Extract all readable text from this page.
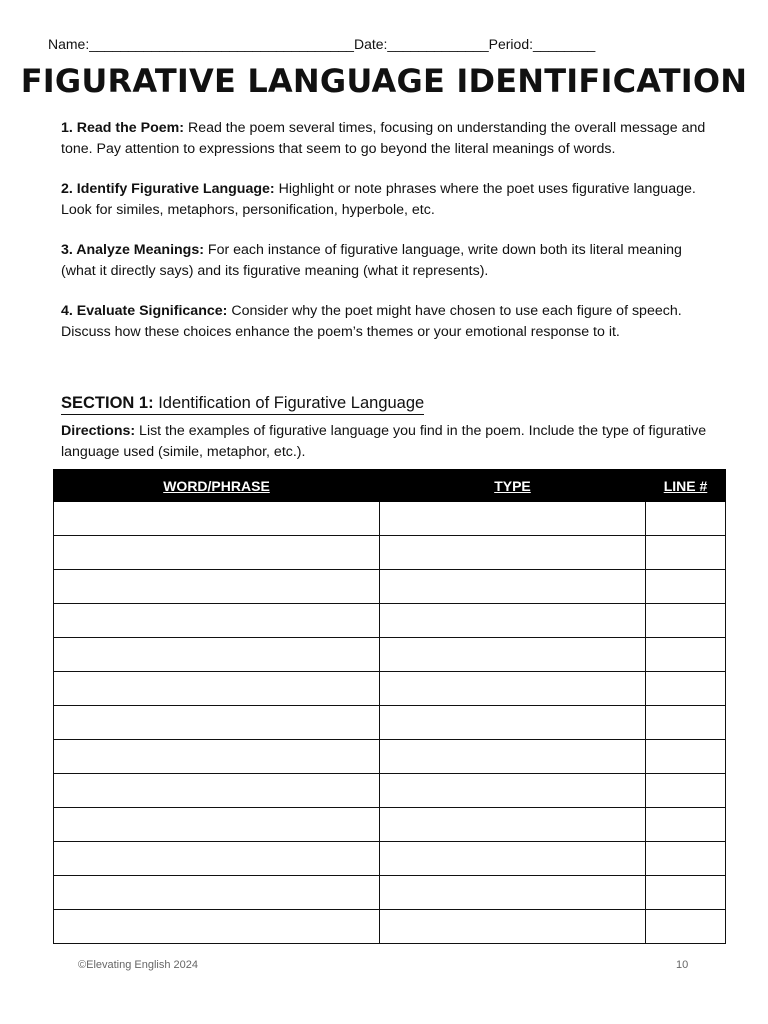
Name:__________________________________Date:_____________Period:________
FIGURATIVE LANGUAGE IDENTIFICATION

1. Read the Poem: Read the poem several times, focusing on understanding the overall message and tone. Pay attention to expressions that seem to go beyond the literal meanings of words.

2. Identify Figurative Language: Highlight or note phrases where the poet uses figurative language. Look for similes, metaphors, personification, hyperbole, etc.

3. Analyze Meanings: For each instance of figurative language, write down both its literal meaning (what it directly says) and its figurative meaning (what it represents).

4. Evaluate Significance: Consider why the poet might have chosen to use each figure of speech. Discuss how these choices enhance the poem’s themes or your emotional response to it.

SECTION 1: Identification of Figurative Language
Directions: List the examples of figurative language you find in the poem. Include the type of figurative language used (simile, metaphor, etc.).
WORD/PHRASE	TYPE	LINE #

©Elevating English 2024	10
